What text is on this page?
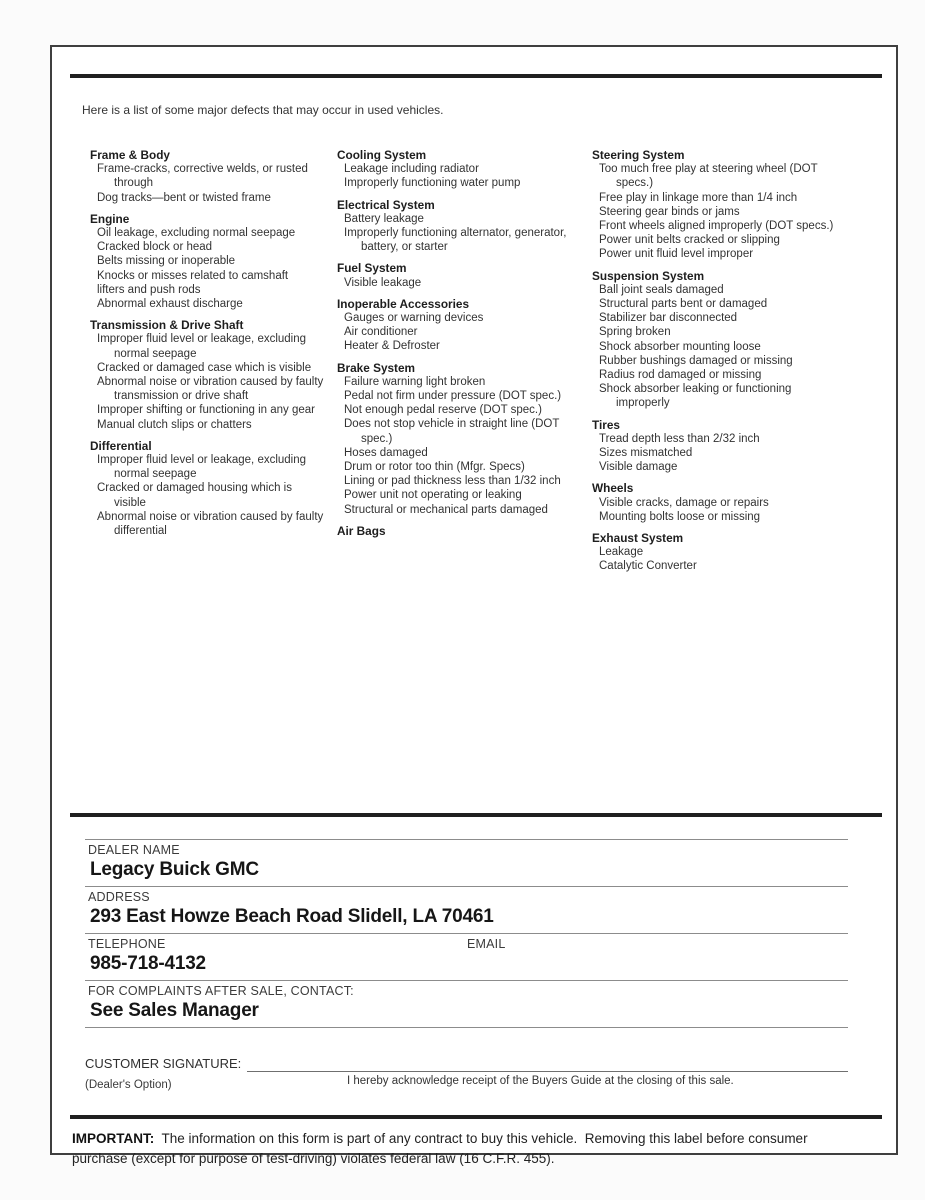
Here is a list of some major defects that may occur in used vehicles.

Frame & Body
Frame-cracks, corrective welds, or rusted through
Dog tracks—bent or twisted frame
Engine
Oil leakage, excluding normal seepage
Cracked block or head
Belts missing or inoperable
Knocks or misses related to camshaft
lifters and push rods
Abnormal exhaust discharge
Transmission & Drive Shaft
Improper fluid level or leakage, excluding normal seepage
Cracked or damaged case which is visible
Abnormal noise or vibration caused by faulty transmission or drive shaft
Improper shifting or functioning in any gear
Manual clutch slips or chatters
Differential
Improper fluid level or leakage, excluding normal seepage
Cracked or damaged housing which is visible
Abnormal noise or vibration caused by faulty differential
Cooling System
Leakage including radiator
Improperly functioning water pump
Electrical System
Battery leakage
Improperly functioning alternator, generator, battery, or starter
Fuel System
Visible leakage
Inoperable Accessories
Gauges or warning devices
Air conditioner
Heater & Defroster
Brake System
Failure warning light broken
Pedal not firm under pressure (DOT spec.)
Not enough pedal reserve (DOT spec.)
Does not stop vehicle in straight line (DOT spec.)
Hoses damaged
Drum or rotor too thin (Mfgr. Specs)
Lining or pad thickness less than 1/32 inch
Power unit not operating or leaking
Structural or mechanical parts damaged
Air Bags
Steering System
Too much free play at steering wheel (DOT specs.)
Free play in linkage more than 1/4 inch
Steering gear binds or jams
Front wheels aligned improperly (DOT specs.)
Power unit belts cracked or slipping
Power unit fluid level improper
Suspension System
Ball joint seals damaged
Structural parts bent or damaged
Stabilizer bar disconnected
Spring broken
Shock absorber mounting loose
Rubber bushings damaged or missing
Radius rod damaged or missing
Shock absorber leaking or functioning improperly
Tires
Tread depth less than 2/32 inch
Sizes mismatched
Visible damage
Wheels
Visible cracks, damage or repairs
Mounting bolts loose or missing
Exhaust System
Leakage
Catalytic Converter
DEALER NAME
Legacy Buick GMC
ADDRESS
293 East Howze Beach Road Slidell, LA 70461
TELEPHONE
985-718-4132
EMAIL
FOR COMPLAINTS AFTER SALE, CONTACT:
See Sales Manager
CUSTOMER SIGNATURE:
(Dealer's Option)	I hereby acknowledge receipt of the Buyers Guide at the closing of this sale.

IMPORTANT:  The information on this form is part of any contract to buy this vehicle.  Removing this label before consumer purchase (except for purpose of test-driving) violates federal law (16 C.F.R. 455).
